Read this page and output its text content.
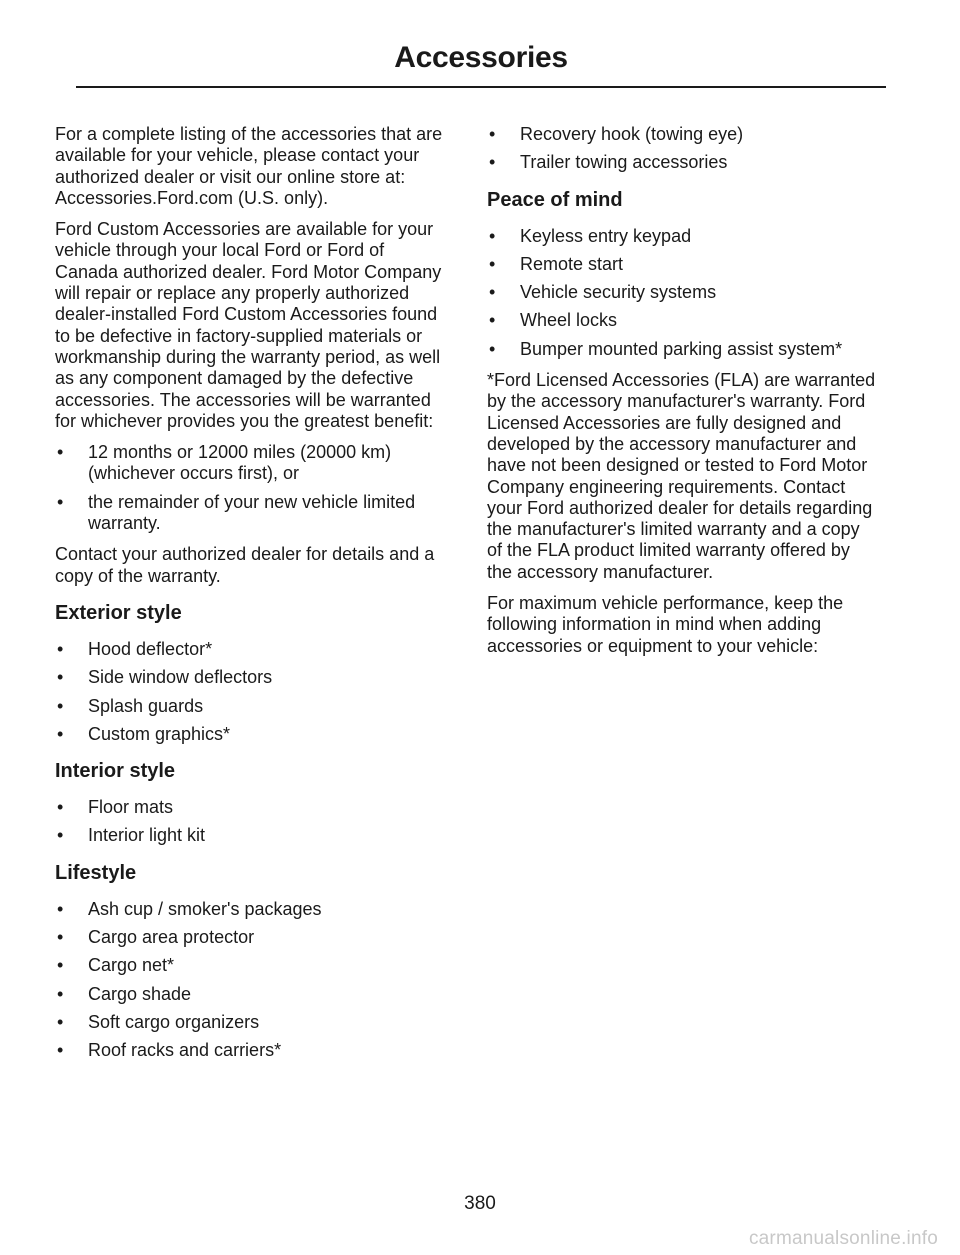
Accessories

For a complete listing of the accessories that are available for your vehicle, please contact your authorized dealer or visit our online store at: Accessories.Ford.com (U.S. only).

Ford Custom Accessories are available for your vehicle through your local Ford or Ford of Canada authorized dealer. Ford Motor Company will repair or replace any properly authorized dealer-installed Ford Custom Accessories found to be defective in factory-supplied materials or workmanship during the warranty period, as well as any component damaged by the defective accessories. The accessories will be warranted for whichever provides you the greatest benefit:

• 12 months or 12000 miles (20000 km) (whichever occurs first), or
• the remainder of your new vehicle limited warranty.

Contact your authorized dealer for details and a copy of the warranty.

Exterior style
• Hood deflector*
• Side window deflectors
• Splash guards
• Custom graphics*
Interior style
• Floor mats
• Interior light kit
Lifestyle
• Ash cup / smoker's packages
• Cargo area protector
• Cargo net*
• Cargo shade
• Soft cargo organizers
• Roof racks and carriers*
• Recovery hook (towing eye)
• Trailer towing accessories
Peace of mind
• Keyless entry keypad
• Remote start
• Vehicle security systems
• Wheel locks
• Bumper mounted parking assist system*

*Ford Licensed Accessories (FLA) are warranted by the accessory manufacturer's warranty. Ford Licensed Accessories are fully designed and developed by the accessory manufacturer and have not been designed or tested to Ford Motor Company engineering requirements. Contact your Ford authorized dealer for details regarding the manufacturer's limited warranty and a copy of the FLA product limited warranty offered by the accessory manufacturer.

For maximum vehicle performance, keep the following information in mind when adding accessories or equipment to your vehicle:

380
carmanualsonline.info
